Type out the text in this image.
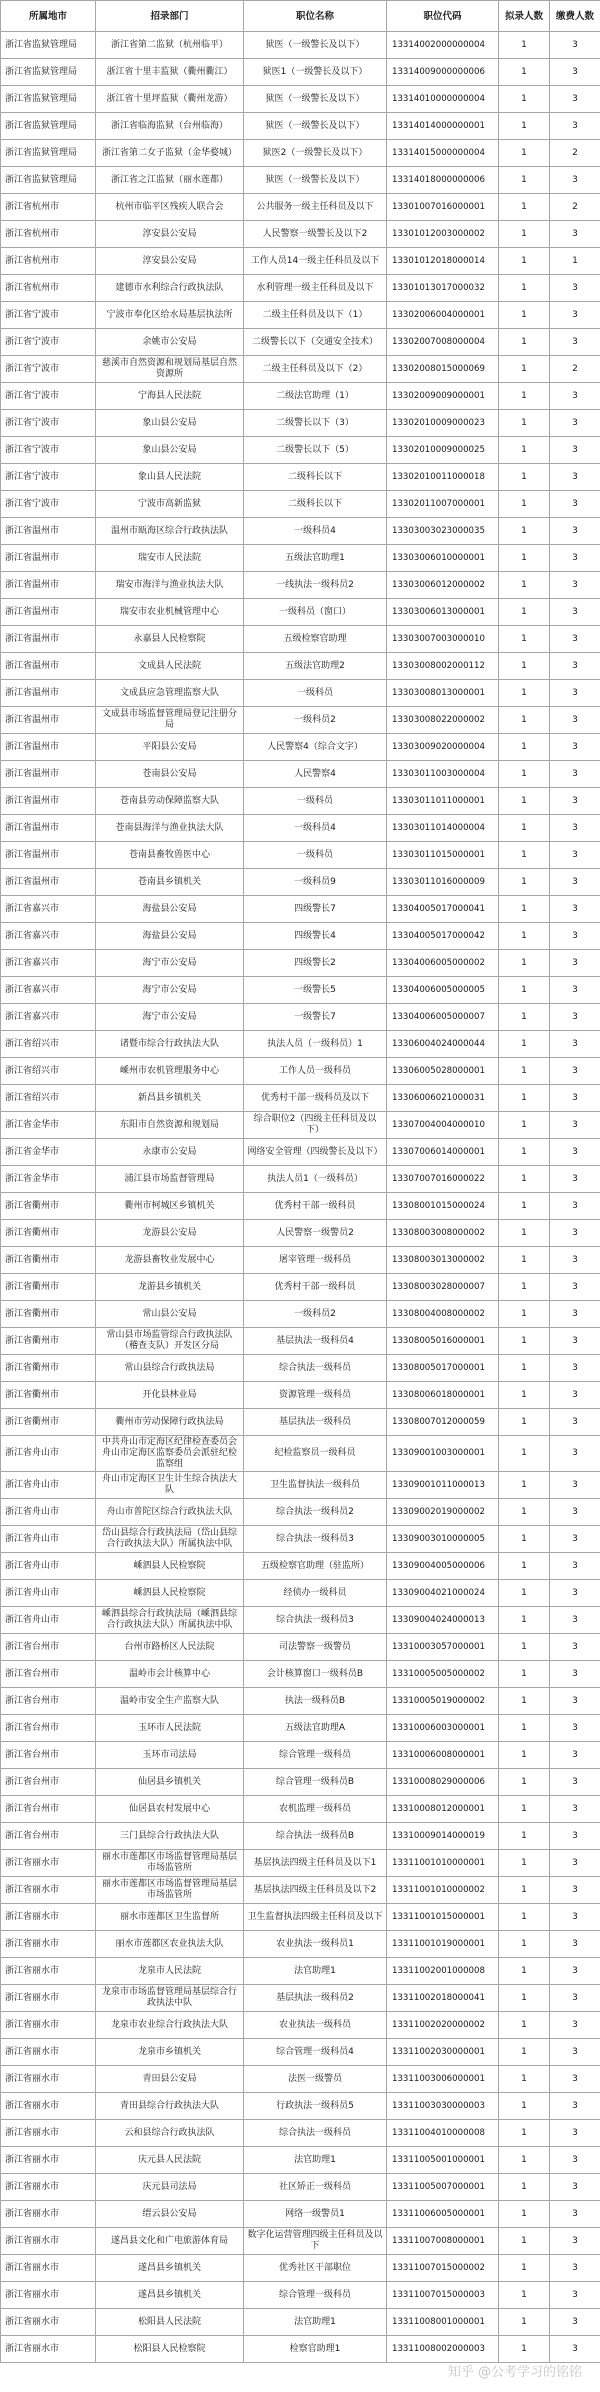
所属地市	招录部门	职位名称	职位代码	拟录人数	缴费人数
浙江省监狱管理局	浙江省第二监狱（杭州临平）	狱医（一级警长及以下）	13314002000000004	1	3
浙江省监狱管理局	浙江省十里丰监狱（衢州衢江）	狱医1（一级警长及以下）	13314009000000006	1	3
浙江省监狱管理局	浙江省十里坪监狱（衢州龙游）	狱医（一级警长及以下）	13314010000000004	1	3
浙江省监狱管理局	浙江省临海监狱（台州临海）	狱医（一级警长及以下）	13314014000000001	1	3
浙江省监狱管理局	浙江省第二女子监狱（金华婺城）	狱医2（一级警长及以下）	13314015000000004	1	2
浙江省监狱管理局	浙江省之江监狱（丽水莲都）	狱医（一级警长及以下）	13314018000000006	1	3
浙江省杭州市	杭州市临平区残疾人联合会	公共服务一级主任科员及以下	13301007016000001	1	2
浙江省杭州市	淳安县公安局	人民警察一级警长及以下2	13301012003000002	1	3
浙江省杭州市	淳安县公安局	工作人员14一级主任科员及以下	13301012018000014	1	1
浙江省杭州市	建德市水利综合行政执法队	水利管理一级主任科员及以下	13301013017000032	1	3
浙江省宁波市	宁波市奉化区给水局基层执法所	二级主任科员及以下（1）	13302006004000001	1	3
浙江省宁波市	余姚市公安局	二级警长以下（交通安全技术）	13302007008000004	1	3
浙江省宁波市	慈溪市自然资源和规划局基层自然资源所	二级主任科员及以下（2）	13302008015000069	1	2
浙江省宁波市	宁海县人民法院	二级法官助理（1）	13302009009000001	1	3
浙江省宁波市	象山县公安局	二级警长以下（3）	13302010009000023	1	3
浙江省宁波市	象山县公安局	二级警长以下（5）	13302010009000025	1	3
浙江省宁波市	象山县人民法院	二级科长以下	13302010011000018	1	3
浙江省宁波市	宁波市高新监狱	二级科长以下	13302011007000001	1	3
浙江省温州市	温州市瓯海区综合行政执法队	一级科员4	13303003023000035	1	3
浙江省温州市	瑞安市人民法院	五级法官助理1	13303006010000001	1	3
浙江省温州市	瑞安市海洋与渔业执法大队	一线执法一级科员2	13303006012000002	1	3
浙江省温州市	瑞安市农业机械管理中心	一级科员（窗口）	13303006013000001	1	3
浙江省温州市	永嘉县人民检察院	五级检察官助理	13303007003000010	1	3
浙江省温州市	文成县人民法院	五级法官助理2	13303008002000112	1	3
浙江省温州市	文成县应急管理监察大队	一级科员	13303008013000001	1	3
浙江省温州市	文成县市场监督管理局登记注册分局	一级科员2	13303008022000002	1	3
浙江省温州市	平阳县公安局	人民警察4（综合文字）	13303009020000004	1	3
浙江省温州市	苍南县公安局	人民警察4	13303011003000004	1	3
浙江省温州市	苍南县劳动保障监察大队	一级科员	13303011011000001	1	3
浙江省温州市	苍南县海洋与渔业执法大队	一级科员4	13303011014000004	1	3
浙江省温州市	苍南县畜牧兽医中心	一级科员	13303011015000001	1	3
浙江省温州市	苍南县乡镇机关	一级科员9	13303011016000009	1	3
浙江省嘉兴市	海盐县公安局	四级警长7	13304005017000041	1	3
浙江省嘉兴市	海盐县公安局	四级警长4	13304005017000042	1	3
浙江省嘉兴市	海宁市公安局	四级警长2	13304006005000002	1	3
浙江省嘉兴市	海宁市公安局	一级警长5	13304006005000005	1	3
浙江省嘉兴市	海宁市公安局	一级警长7	13304006005000007	1	3
浙江省绍兴市	诸暨市综合行政执法大队	执法人员（一级科员）1	13306004024000044	1	3
浙江省绍兴市	嵊州市农机管理服务中心	工作人员一级科员	13306005028000001	1	3
浙江省绍兴市	新昌县乡镇机关	优秀村干部一级科员及以下	13306006021000031	1	3
浙江省金华市	东阳市自然资源和规划局	综合职位2（四级主任科员及以下）	13307004004000010	1	3
浙江省金华市	永康市公安局	网络安全管理（四级警长及以下）	13307006014000001	1	3
浙江省金华市	浦江县市场监督管理局	执法人员1（一级科员）	13307007016000022	1	3
浙江省衢州市	衢州市柯城区乡镇机关	优秀村干部一级科员	13308001015000024	1	3
浙江省衢州市	龙游县公安局	人民警察一级警员2	13308003008000002	1	3
浙江省衢州市	龙游县畜牧业发展中心	屠宰管理一级科员	13308003013000002	1	3
浙江省衢州市	龙游县乡镇机关	优秀村干部一级科员	13308003028000007	1	3
浙江省衢州市	常山县公安局	一级科员2	13308004008000002	1	3
浙江省衢州市	常山县市场监管综合行政执法队（稽查支队）开发区分局	基层执法一级科员4	13308005016000001	1	3
浙江省衢州市	常山县综合行政执法局	综合执法一级科员	13308005017000001	1	3
浙江省衢州市	开化县林业局	资源管理一级科员	13308006018000001	1	3
浙江省衢州市	衢州市劳动保障行政执法局	基层执法一级科员	13308007012000059	1	3
浙江省舟山市	中共舟山市定海区纪律检查委员会舟山市定海区监察委员会派驻纪检监察组	纪检监察员一级科员	13309001003000001	1	3
浙江省舟山市	舟山市定海区卫生计生综合执法大队	卫生监督执法一级科员	13309001011000013	1	3
浙江省舟山市	舟山市普陀区综合行政执法大队	综合执法一级科员2	13309002019000002	1	3
浙江省舟山市	岱山县综合行政执法局（岱山县综合行政执法大队）所属执法中队	综合执法一级科员3	13309003010000005	1	3
浙江省舟山市	嵊泗县人民检察院	五级检察官助理（驻监所）	13309004005000006	1	3
浙江省舟山市	嵊泗县人民检察院	经侦办一级科员	13309004021000024	1	3
浙江省舟山市	嵊泗县综合行政执法局（嵊泗县综合行政执法大队）所属执法中队	综合执法一级科员3	13309004024000013	1	3
浙江省台州市	台州市路桥区人民法院	司法警察一级警员	13310003057000001	1	3
浙江省台州市	温岭市会计核算中心	会计核算窗口一级科员B	13310005005000002	1	3
浙江省台州市	温岭市安全生产监察大队	执法一级科员B	13310005019000002	1	3
浙江省台州市	玉环市人民法院	五级法官助理A	13310006003000001	1	3
浙江省台州市	玉环市司法局	综合管理一级科员	13310006008000001	1	3
浙江省台州市	仙居县乡镇机关	综合管理一级科员B	13310008029000006	1	3
浙江省台州市	仙居县农村发展中心	农机监理一级科员	13310008012000001	1	3
浙江省台州市	三门县综合行政执法大队	综合执法一级科员B	13310009014000019	1	3
浙江省丽水市	丽水市莲都区市场监督管理局基层市场监管所	基层执法四级主任科员及以下1	13311001010000001	1	3
浙江省丽水市	丽水市莲都区市场监督管理局基层市场监管所	基层执法四级主任科员及以下2	13311001010000002	1	3
浙江省丽水市	丽水市莲都区卫生监督所	卫生监督执法四级主任科员及以下	13311001015000001	1	3
浙江省丽水市	丽水市莲都区农业执法大队	农业执法一级科员1	13311001019000001	1	3
浙江省丽水市	龙泉市人民法院	法官助理1	13311002001000008	1	3
浙江省丽水市	龙泉市市场监督管理局基层综合行政执法中队	基层执法一级科员2	13311002018000041	1	3
浙江省丽水市	龙泉市农业综合行政执法大队	农业执法一级科员	13311002020000002	1	3
浙江省丽水市	龙泉市乡镇机关	综合管理一级科员4	13311002030000001	1	3
浙江省丽水市	青田县公安局	法医一级警员	13311003006000001	1	3
浙江省丽水市	青田县综合行政执法大队	行政执法一级科员5	13311003030000003	1	3
浙江省丽水市	云和县综合行政执法队	综合执法一级科员	13311004010000008	1	3
浙江省丽水市	庆元县人民法院	法官助理1	13311005001000001	1	3
浙江省丽水市	庆元县司法局	社区矫正一级科员	13311005007000001	1	3
浙江省丽水市	缙云县公安局	网络一级警员1	13311006005000001	1	3
浙江省丽水市	遂昌县文化和广电旅游体育局	数字化运营管理四级主任科员及以下	13311007008000001	1	3
浙江省丽水市	遂昌县乡镇机关	优秀社区干部职位	13311007015000002	1	3
浙江省丽水市	遂昌县乡镇机关	综合管理一级科员	13311007015000003	1	3
浙江省丽水市	松阳县人民法院	法官助理1	13311008001000001	1	3
浙江省丽水市	松阳县人民检察院	检察官助理1	13311008002000003	1	3
知乎 @公考学习的铭铭
